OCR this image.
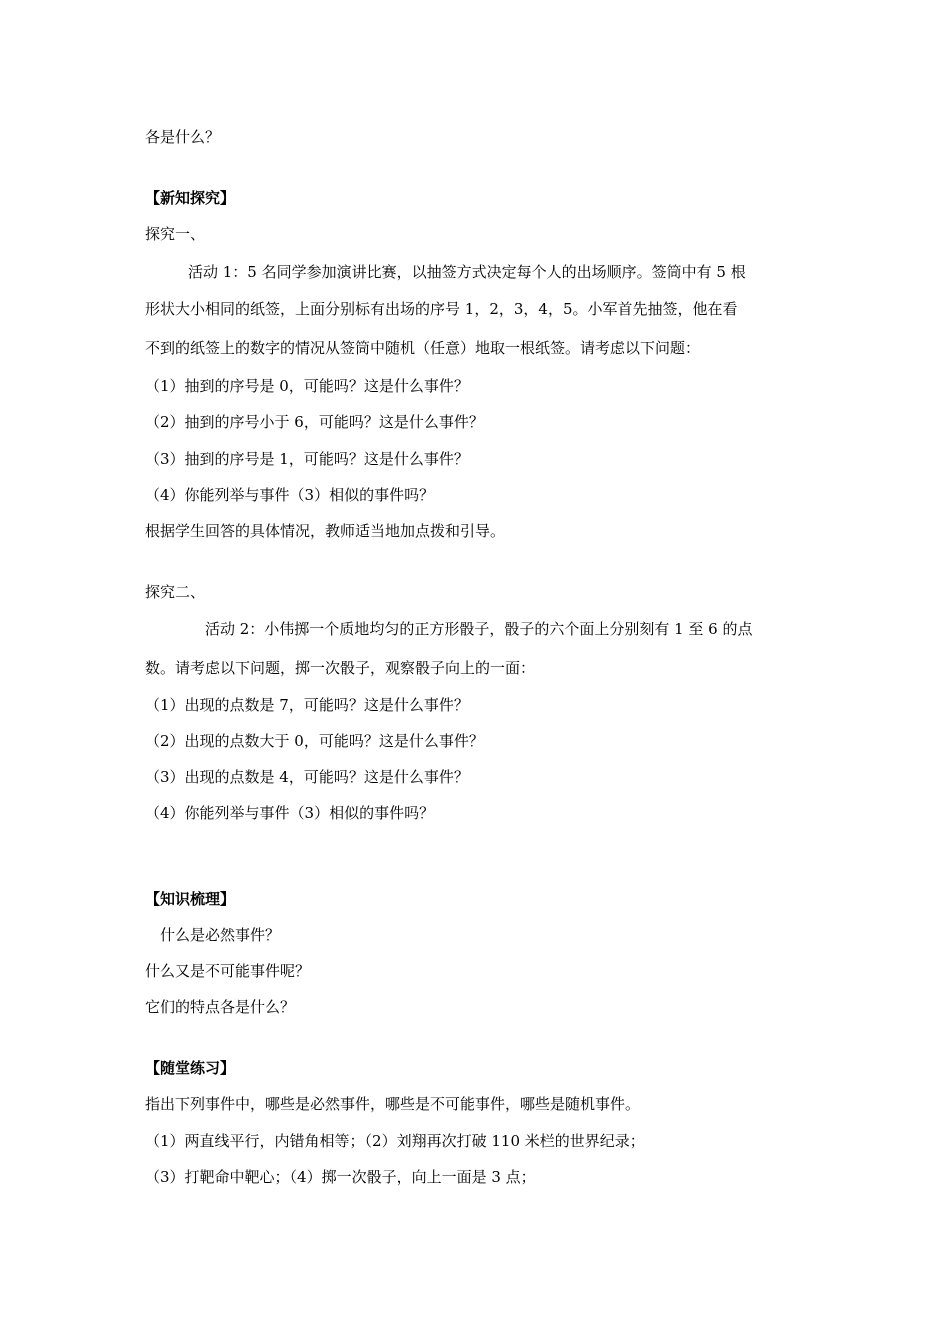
各是什么？
【新知探究】
探究一、
活动 1：5 名同学参加演讲比赛，以抽签方式决定每个人的出场顺序。签筒中有 5 根
形状大小相同的纸签，上面分别标有出场的序号 1，2，3，4，5。小军首先抽签，他在看
不到的纸签上的数字的情况从签筒中随机（任意）地取一根纸签。请考虑以下问题：
（1）抽到的序号是 0，可能吗？这是什么事件？
（2）抽到的序号小于 6，可能吗？这是什么事件？
（3）抽到的序号是 1，可能吗？这是什么事件？
（4）你能列举与事件（3）相似的事件吗？
根据学生回答的具体情况，教师适当地加点拨和引导。
探究二、
活动 2：小伟掷一个质地均匀的正方形骰子，骰子的六个面上分别刻有 1 至 6 的点
数。请考虑以下问题，掷一次骰子，观察骰子向上的一面：
（1）出现的点数是 7，可能吗？这是什么事件？
（2）出现的点数大于 0，可能吗？这是什么事件？
（3）出现的点数是 4，可能吗？这是什么事件？
（4）你能列举与事件（3）相似的事件吗？
【知识梳理】
什么是必然事件？
什么又是不可能事件呢？
它们的特点各是什么？
【随堂练习】
指出下列事件中，哪些是必然事件，哪些是不可能事件，哪些是随机事件。
（1）两直线平行，内错角相等；（2）刘翔再次打破 110 米栏的世界纪录；
（3）打靶命中靶心；（4）掷一次骰子，向上一面是 3 点；
